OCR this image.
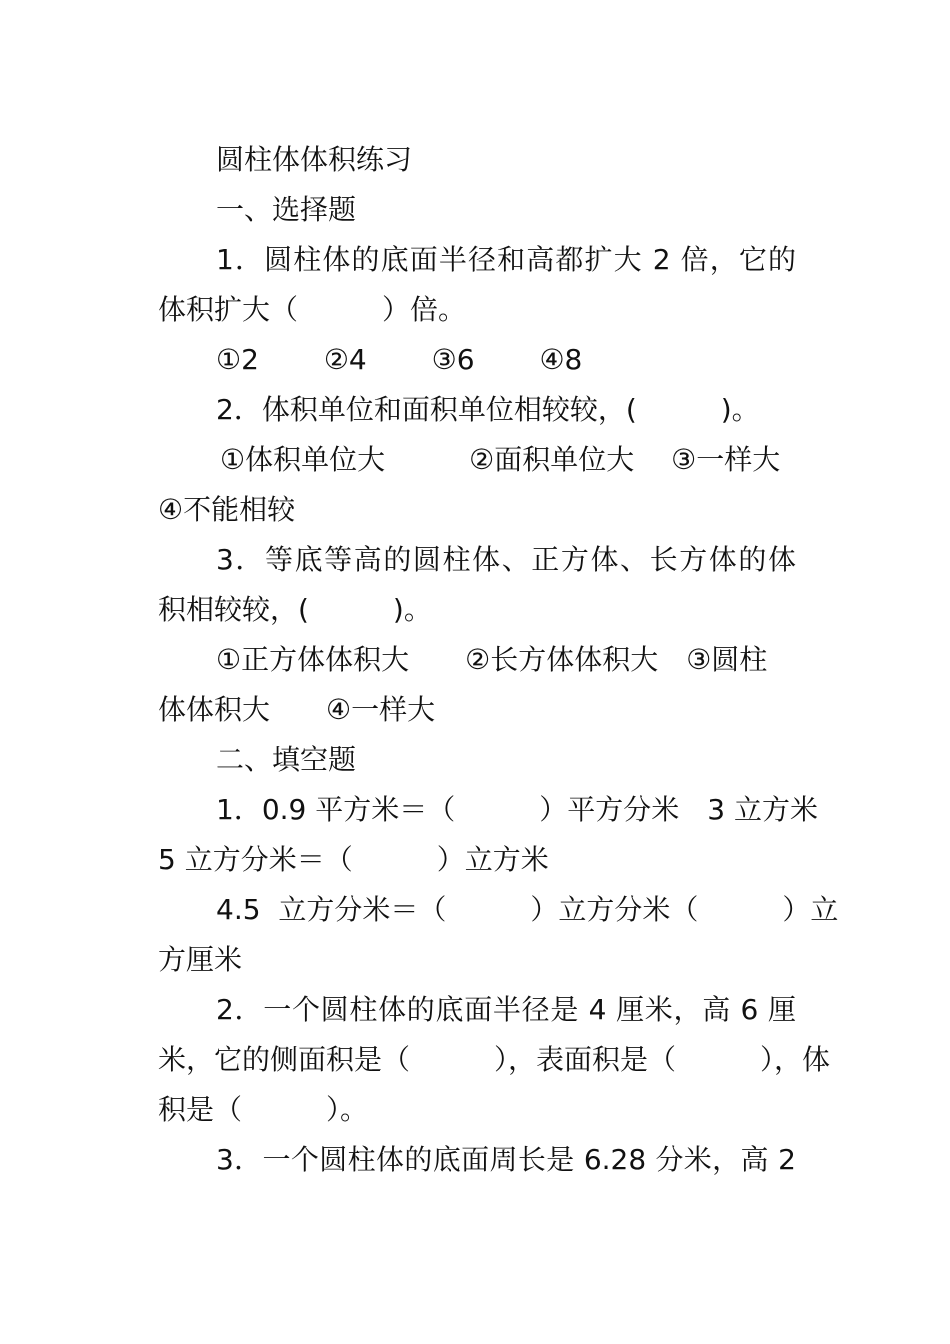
圆柱体体积练习
一、选择题
1．圆柱体的底面半径和高都扩大 2 倍，它的
体积扩大（　　　）倍。
①2　　 ②4　　 ③6　　 ④8
2．体积单位和面积单位相较较，(　　　)。
①体积单位大　　　②面积单位大　 ③一样大
④不能相较
3．等底等高的圆柱体、正方体、长方体的体
积相较较，(　　　)。
①正方体体积大　　②长方体体积大　③圆柱
体体积大　　④一样大
二、填空题
1．0.9 平方米＝（　　　）平方分米　3 立方米
5 立方分米＝（　　　）立方米
4.5  立方分米＝（　　　）立方分米（　　　）立
方厘米
2．一个圆柱体的底面半径是 4 厘米，高 6 厘
米，它的侧面积是（　　　），表面积是（　　　），体
积是（　　　）。
3．一个圆柱体的底面周长是 6.28 分米，高 2
